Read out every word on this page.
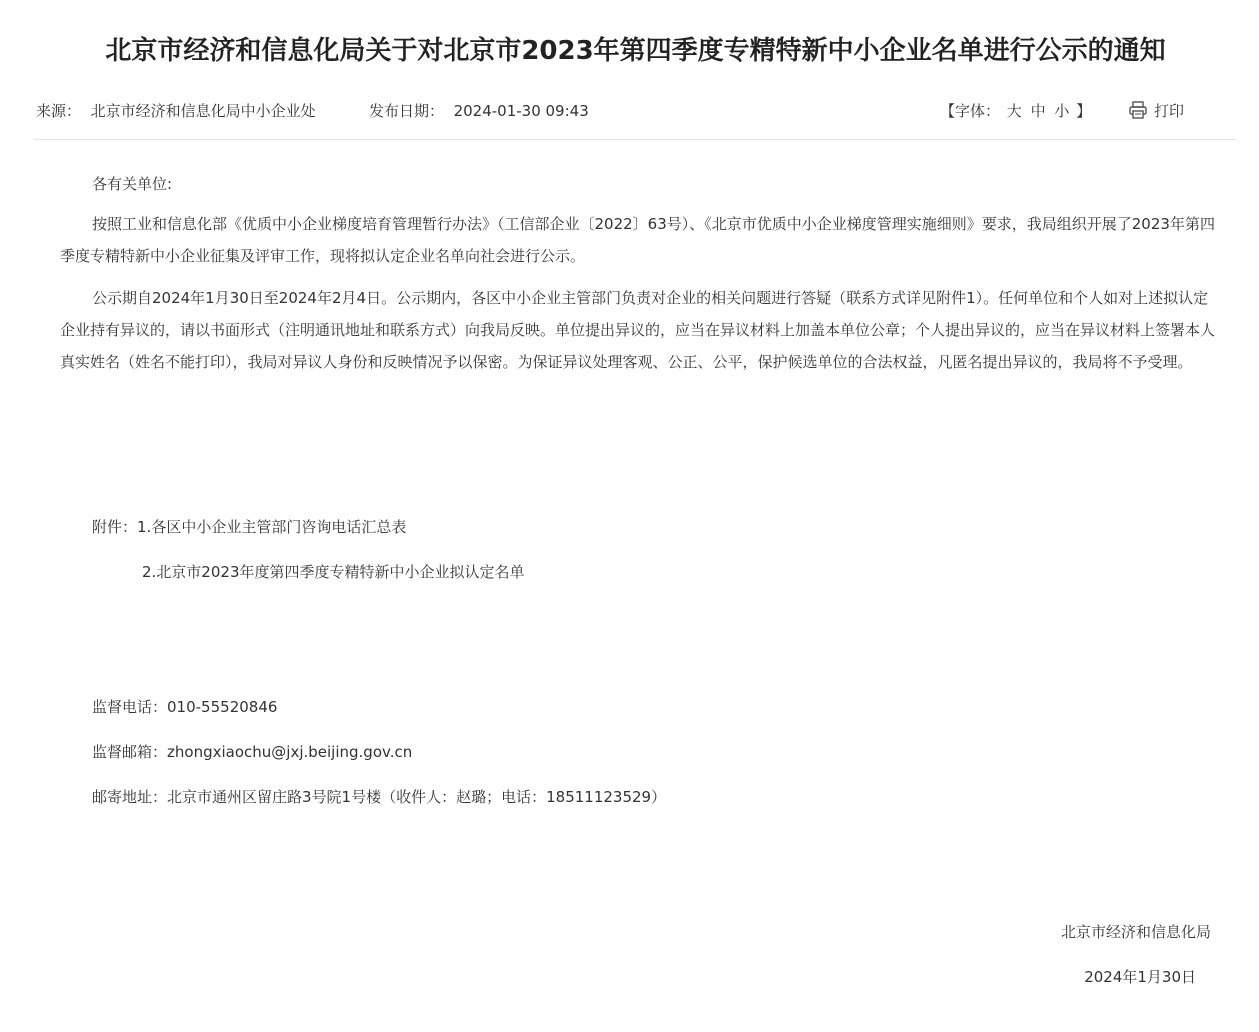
北京市经济和信息化局关于对北京市2023年第四季度专精特新中小企业名单进行公示的通知
来源： 北京市经济和信息化局中小企业处	发布日期： 2024-01-30 09:43	【字体： 大 中 小 】	打印

各有关单位:

按照工业和信息化部《优质中小企业梯度培育管理暂行办法》（工信部企业〔2022〕63号）、《北京市优质中小企业梯度管理实施细则》要求，我局组织开展了2023年第四季度专精特新中小企业征集及评审工作，现将拟认定企业名单向社会进行公示。

公示期自2024年1月30日至2024年2月4日。公示期内，各区中小企业主管部门负责对企业的相关问题进行答疑（联系方式详见附件1）。任何单位和个人如对上述拟认定企业持有异议的，请以书面形式（注明通讯地址和联系方式）向我局反映。单位提出异议的，应当在异议材料上加盖本单位公章；个人提出异议的，应当在异议材料上签署本人真实姓名（姓名不能打印），我局对异议人身份和反映情况予以保密。为保证异议处理客观、公正、公平，保护候选单位的合法权益，凡匿名提出异议的，我局将不予受理。

附件：1.各区中小企业主管部门咨询电话汇总表
2.北京市2023年度第四季度专精特新中小企业拟认定名单
监督电话：010-55520846
监督邮箱：zhongxiaochu@jxj.beijing.gov.cn
邮寄地址：北京市通州区留庄路3号院1号楼（收件人：赵璐；电话：18511123529）
北京市经济和信息化局
2024年1月30日
